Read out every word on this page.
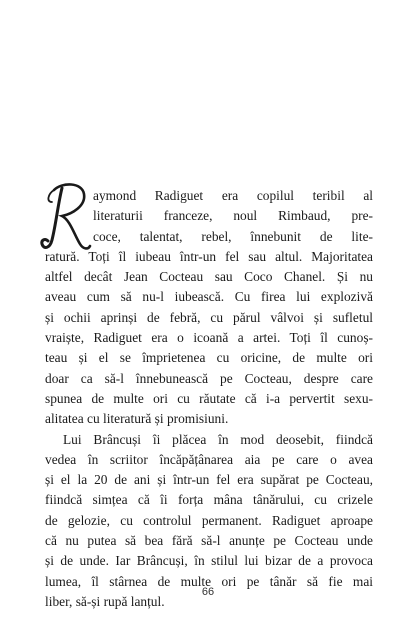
aymond Radiguet era copilul teribil al
literaturii franceze, noul Rimbaud, pre-
coce, talentat, rebel, înnebunit de lite-
ratură. Toți îl iubeau într-un fel sau altul. Majoritatea
altfel decât Jean Cocteau sau Coco Chanel. Și nu
aveau cum să nu-l iubească. Cu firea lui explozivă
și ochii aprinși de febră, cu părul vâlvoi și sufletul
vraiște, Radiguet era o icoană a artei. Toți îl cunoș-
teau și el se împrietenea cu oricine, de multe ori
doar ca să-l înnebunească pe Cocteau, despre care
spunea de multe ori cu răutate că i-a pervertit sexu-
alitatea cu literatură și promisiuni.
Lui Brâncuși îi plăcea în mod deosebit, fiindcă
vedea în scriitor încăpățânarea aia pe care o avea
și el la 20 de ani și într-un fel era supărat pe Cocteau,
fiindcă simțea că îi forța mâna tânărului, cu crizele
de gelozie, cu controlul permanent. Radiguet aproape
că nu putea să bea fără să-l anunțe pe Cocteau unde
și de unde. Iar Brâncuși, în stilul lui bizar de a provoca
lumea, îl stârnea de multe ori pe tânăr să fie mai
liber, să-și rupă lanțul.
66
